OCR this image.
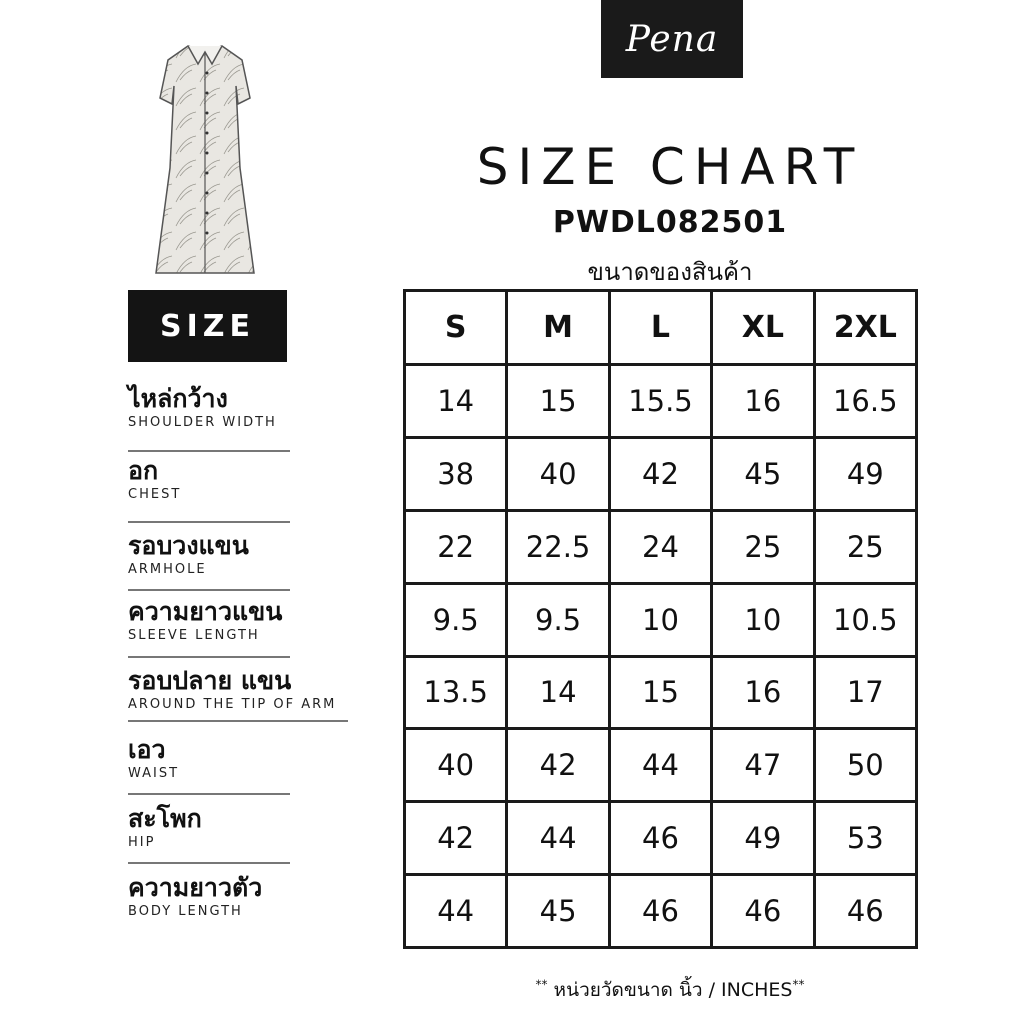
Pena
SIZE CHART
PWDL082501
ขนาดของสินค้า
SIZE
ไหล่กว้าง
SHOULDER WIDTH
อก
CHEST
รอบวงแขน
ARMHOLE
ความยาวแขน
SLEEVE LENGTH
รอบปลาย แขน
AROUND THE TIP OF ARM
เอว
WAIST
สะโพก
HIP
ความยาวตัว
BODY LENGTH
S	M	L	XL	2XL
14	15	15.5	16	16.5
38	40	42	45	49
22	22.5	24	25	25
9.5	9.5	10	10	10.5
13.5	14	15	16	17
40	42	44	47	50
42	44	46	49	53
44	45	46	46	46
** หน่วยวัดขนาด นิ้ว / INCHES**
